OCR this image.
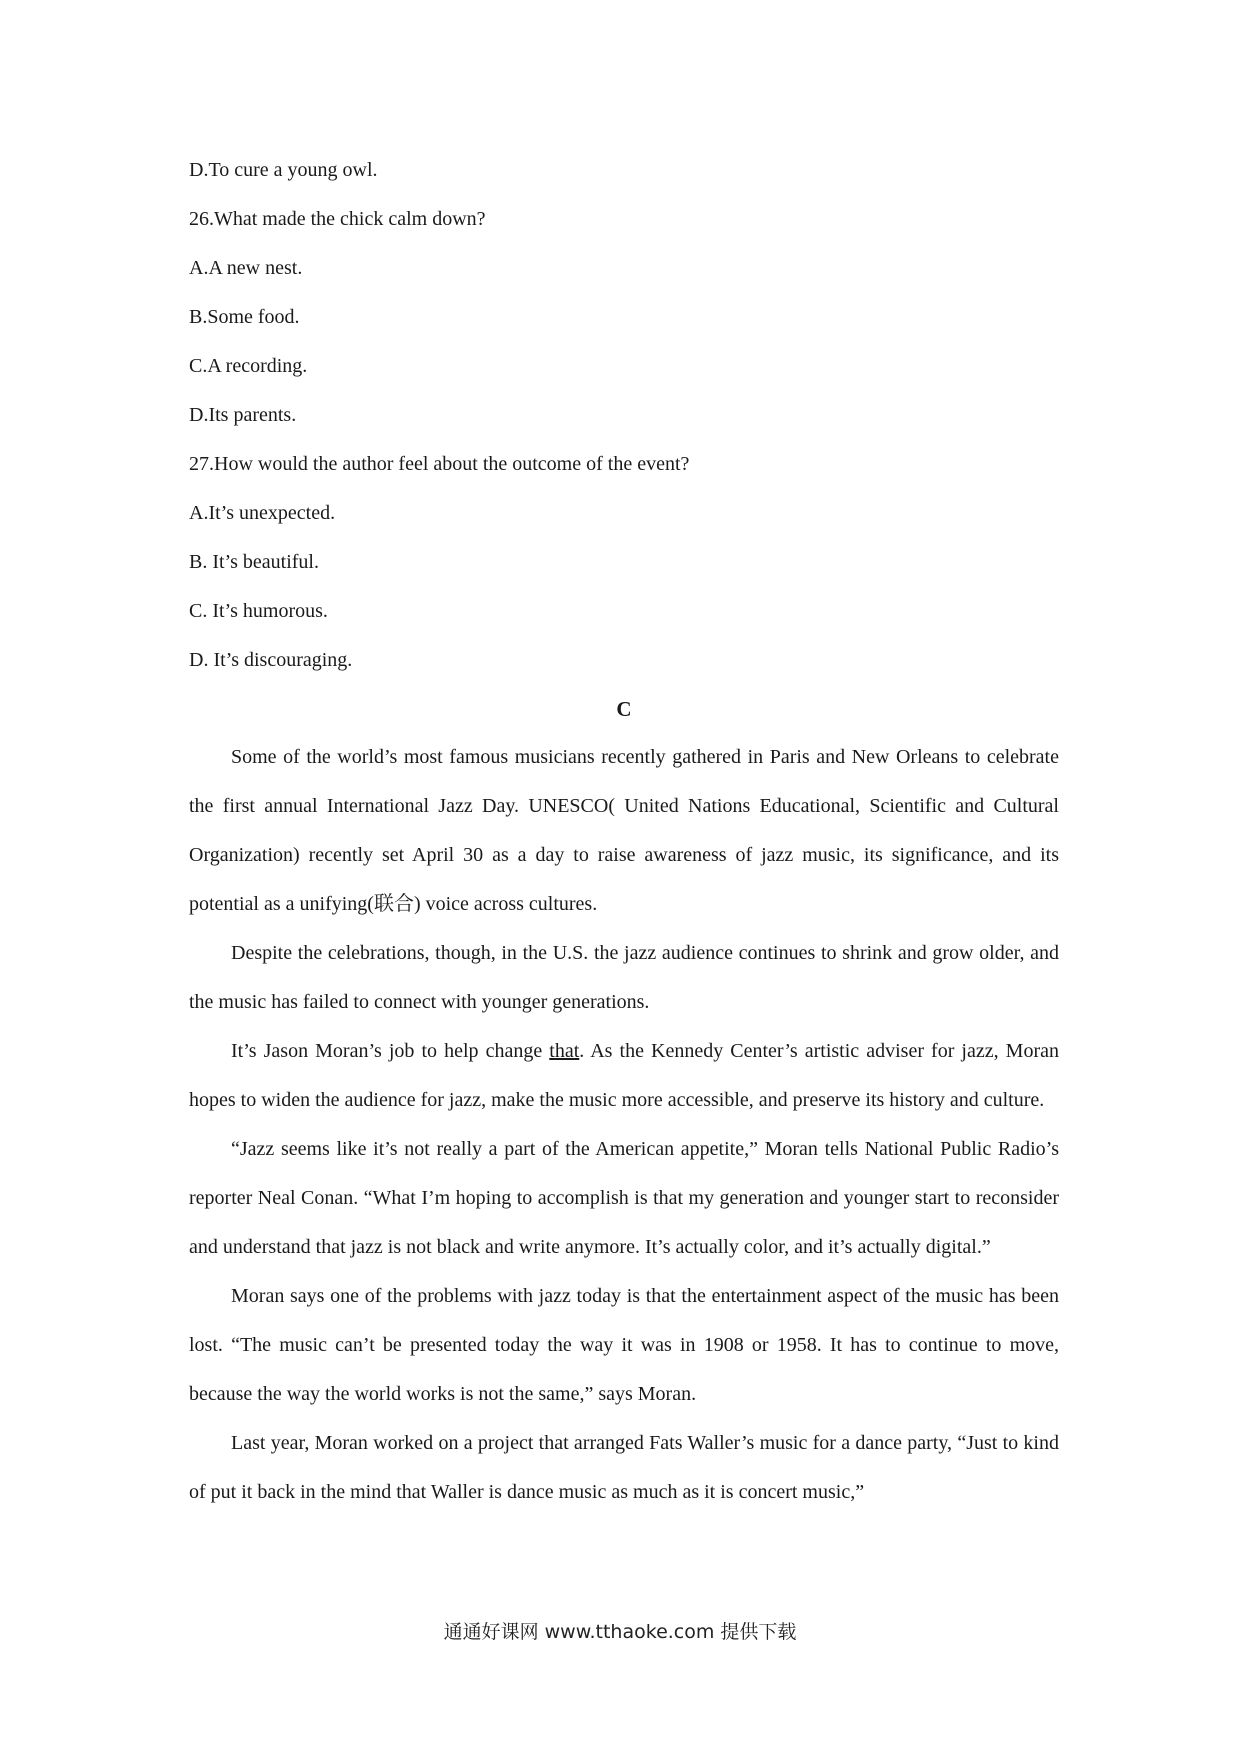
D.To cure a young owl.
26.What made the chick calm down?
A.A new nest.
B.Some food.
C.A recording.
D.Its parents.
27.How would the author feel about the outcome of the event?
A.It’s unexpected.
B. It’s beautiful.
C. It’s humorous.
D. It’s discouraging.
C

Some of the world’s most famous musicians recently gathered in Paris and New Orleans to celebrate the first annual International Jazz Day. UNESCO( United Nations Educational, Scientific and Cultural Organization) recently set April 30 as a day to raise awareness of jazz music, its significance, and its potential as a unifying(联合) voice across cultures.

Despite the celebrations, though, in the U.S. the jazz audience continues to shrink and grow older, and the music has failed to connect with younger generations.

It’s Jason Moran’s job to help change that. As the Kennedy Center’s artistic adviser for jazz, Moran hopes to widen the audience for jazz, make the music more accessible, and preserve its history and culture.

“Jazz seems like it’s not really a part of the American appetite,” Moran tells National Public Radio’s reporter Neal Conan. “What I’m hoping to accomplish is that my generation and younger start to reconsider and understand that jazz is not black and write anymore. It’s actually color, and it’s actually digital.”

Moran says one of the problems with jazz today is that the entertainment aspect of the music has been lost. “The music can’t be presented today the way it was in 1908 or 1958. It has to continue to move, because the way the world works is not the same,” says Moran.

Last year, Moran worked on a project that arranged Fats Waller’s music for a dance party, “Just to kind of put it back in the mind that Waller is dance music as much as it is concert music,”

通通好课网 www.tthaoke.com 提供下载
